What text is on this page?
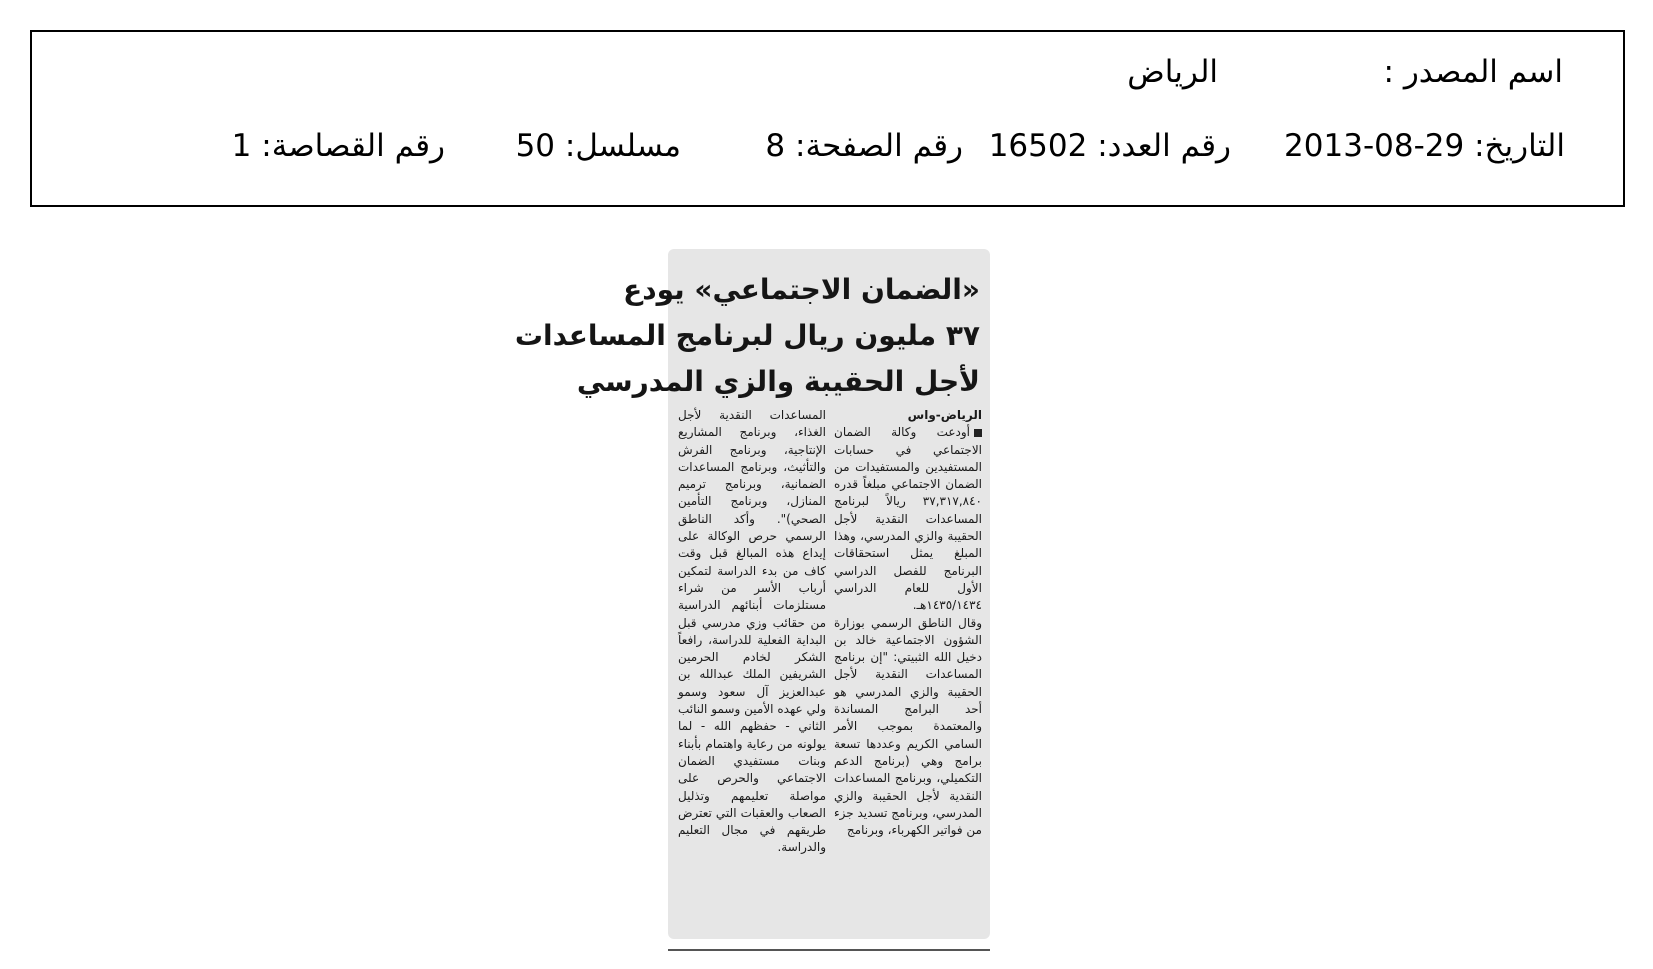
اسم المصدر :
الرياض
التاريخ: 2013-08-29
رقم العدد: 16502
رقم الصفحة: 8
مسلسل: 50
رقم القصاصة: 1
«الضمان الاجتماعي» يودع
٣٧ مليون ريال لبرنامج المساعدات
لأجل الحقيبة والزي المدرسي
الرياض-واس
أودعت وكالة الضمان الاجتماعي في حسابات المستفيدين والمستفيدات من الضمان الاجتماعي مبلغاً قدره ٣٧,٣١٧,٨٤٠ ريالاً لبرنامج المساعدات النقدية لأجل الحقيبة والزي المدرسي، وهذا المبلغ يمثل استحقاقات البرنامج للفصل الدراسي الأول للعام الدراسي ١٤٣٥/١٤٣٤هـ.
وقال الناطق الرسمي بوزارة الشؤون الاجتماعية خالد بن دخيل الله الثبيتي: "إن برنامج المساعدات النقدية لأجل الحقيبة والزي المدرسي هو أحد البرامج المساندة والمعتمدة بموجب الأمر السامي الكريم وعددها تسعة برامج وهي (برنامج الدعم التكميلي، وبرنامج المساعدات النقدية لأجل الحقيبة والزي المدرسي، وبرنامج تسديد جزء من فواتير الكهرباء، وبرنامج
المساعدات النقدية لأجل الغذاء، وبرنامج المشاريع الإنتاجية، وبرنامج الفرش والتأثيث، وبرنامج المساعدات الضمانية، وبرنامج ترميم المنازل، وبرنامج التأمين الصحي)". وأكد الناطق الرسمي حرص الوكالة على إيداع هذه المبالغ قبل وقت كاف من بدء الدراسة لتمكين أرباب الأسر من شراء مستلزمات أبنائهم الدراسية من حقائب وزي مدرسي قبل البداية الفعلية للدراسة، رافعاً الشكر لخادم الحرمين الشريفين الملك عبدالله بن عبدالعزيز آل سعود وسمو ولي عهده الأمين وسمو النائب الثاني - حفظهم الله - لما يولونه من رعاية واهتمام بأبناء وبنات مستفيدي الضمان الاجتماعي والحرص على مواصلة تعليمهم وتذليل الصعاب والعقبات التي تعترض طريقهم في مجال التعليم والدراسة.
